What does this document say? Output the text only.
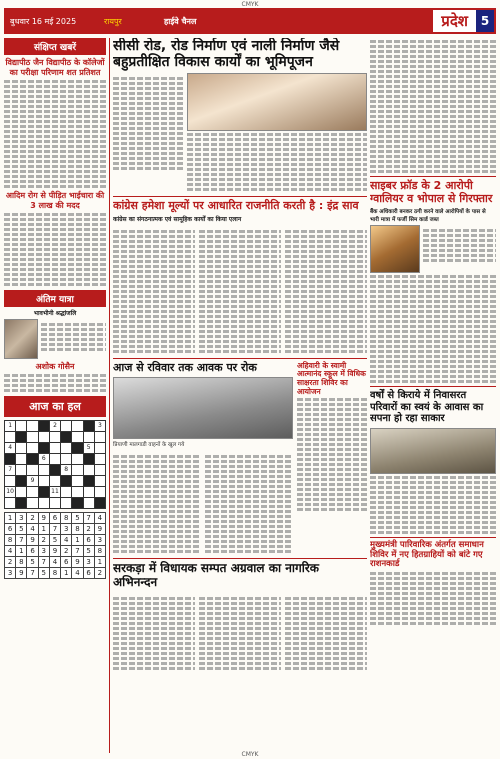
CMYK
बुधवार 16 मई 2025	रायपुर	हाईवे चैनल	प्रदेश	5
संक्षिप्त खबरें
विद्यापीठ जैन विद्यापीठ के कॉलेजों का परीक्षा परिणाम शत प्रतिशत
आदिम रोग से पीड़ित भाईचारा की 3 लाख की मदद
अंतिम यात्रा
भावभीनी श्रद्धांजलि
अशोक गोसैन
आज का हल
1	2	3
4	5
6
7	8
9
10	11
1 3 2 9 6 8 5 7 4
6 5 4 1 7 3 8 2 9
8 7 9 2 5 4 1 6 3
4 1 6 3 9 2 7 5 8
2 8 5 7 4 6 9 3 1
3 9 7 5 8 1 4 6 2
सीसी रोड, रोड निर्माण एवं नाली निर्माण जैसे बहुप्रतीक्षित विकास कार्यों का भूमिपूजन
कांग्रेस हमेशा मूल्यों पर आधारित राजनीति करती है : इंद्र साव
कांग्रेस का संगठनात्मक एवं सामूहिक कार्यों का किया एलान
आज से रविवार तक आवक पर रोक
प्रियाणी मालगाडी वाहनों के खुल गये
अहिवारी के स्वामी आत्मानंद स्कूल में विधिक साक्षरता शिविर का आयोजन
सरकड़ा में विधायक सम्पत अग्रवाल का नागरिक अभिनन्दन
साइबर फ्रॉड के 2 आरोपी ग्वालियर व भोपाल से गिरफ्तार
बैंक अधिकारी बनकर ठगी करने वाले आरोपियों के पास से भारी मात्रा में फर्जी सिम कार्ड जब्त
वर्षों से किराये में निवासरत परिवारों का स्वयं के आवास का सपना हो रहा साकार
मुख्यमंत्री पारिवारिक अंतर्गत समाधान शिविर में नए हितग्राहियों को बांटे गए राशनकार्ड
CMYK
